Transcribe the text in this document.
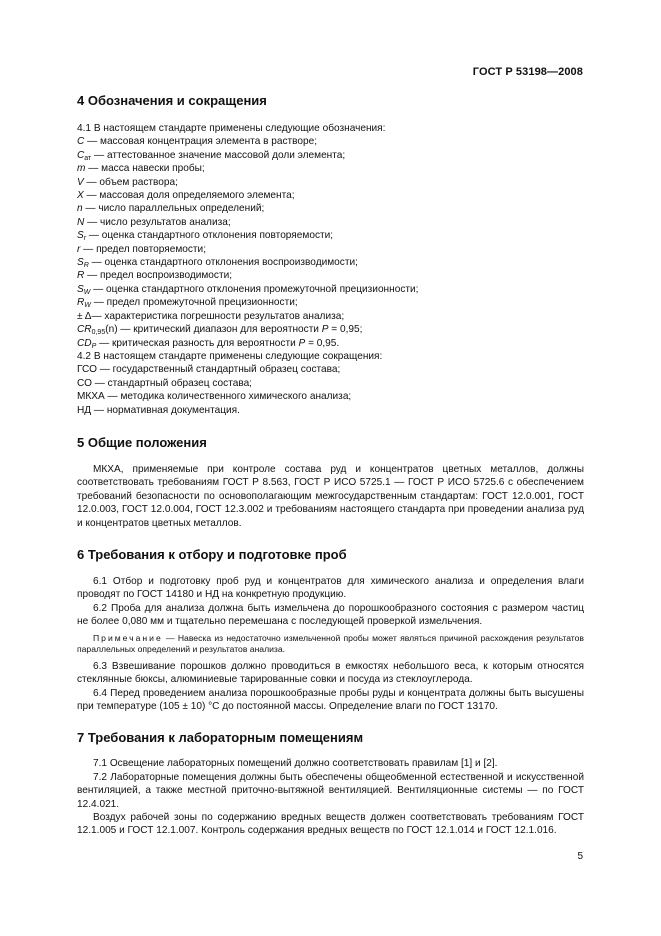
ГОСТ Р 53198—2008
4 Обозначения и сокращения
4.1 В настоящем стандарте применены следующие обозначения:
C — массовая концентрация элемента в растворе;
$C_{ат}$ — аттестованное значение массовой доли элемента;
m — масса навески пробы;
V — объем раствора;
X — массовая доля определяемого элемента;
n — число параллельных определений;
N — число результатов анализа;
$S_r$ — оценка стандартного отклонения повторяемости;
r — предел повторяемости;
$S_R$ — оценка стандартного отклонения воспроизводимости;
R — предел воспроизводимости;
$S_W$ — оценка стандартного отклонения промежуточной прецизионности;
$R_W$ — предел промежуточной прецизионности;
± Δ— характеристика погрешности результатов анализа;
$CR_{0,95}(n)$ — критический диапазон для вероятности P = 0,95;
$CD_P$ — критическая разность для вероятности P = 0,95.
4.2 В настоящем стандарте применены следующие сокращения:
ГСО — государственный стандартный образец состава;
СО — стандартный образец состава;
МКХА — методика количественного химического анализа;
НД — нормативная документация.
5 Общие положения

МКХА, применяемые при контроле состава руд и концентратов цветных металлов, должны соответствовать требованиям ГОСТ Р 8.563, ГОСТ Р ИСО 5725.1 — ГОСТ Р ИСО 5725.6 с обеспечением требований безопасности по основополагающим межгосударственным стандартам: ГОСТ 12.0.001, ГОСТ 12.0.003, ГОСТ 12.0.004, ГОСТ 12.3.002 и требованиям настоящего стандарта при проведении анализа руд и концентратов цветных металлов.

6 Требования к отбору и подготовке проб

6.1 Отбор и подготовку проб руд и концентратов для химического анализа и определения влаги проводят по ГОСТ 14180 и НД на конкретную продукцию.

6.2 Проба для анализа должна быть измельчена до порошкообразного состояния с размером частиц не более 0,080 мм и тщательно перемешана с последующей проверкой измельчения.

Примечание — Навеска из недостаточно измельченной пробы может являться причиной расхождения результатов параллельных определений и результатов анализа.

6.3 Взвешивание порошков должно проводиться в емкостях небольшого веса, к которым относятся стеклянные бюксы, алюминиевые тарированные совки и посуда из стеклоуглерода.

6.4 Перед проведением анализа порошкообразные пробы руды и концентрата должны быть высушены при температуре (105 ± 10) °С до постоянной массы. Определение влаги по ГОСТ 13170.

7 Требования к лабораторным помещениям

7.1 Освещение лабораторных помещений должно соответствовать правилам [1] и [2].

7.2 Лабораторные помещения должны быть обеспечены общеобменной естественной и искусственной вентиляцией, а также местной приточно-вытяжной вентиляцией. Вентиляционные системы — по ГОСТ 12.4.021.

Воздух рабочей зоны по содержанию вредных веществ должен соответствовать требованиям ГОСТ 12.1.005 и ГОСТ 12.1.007. Контроль содержания вредных веществ по ГОСТ 12.1.014 и ГОСТ 12.1.016.

5
